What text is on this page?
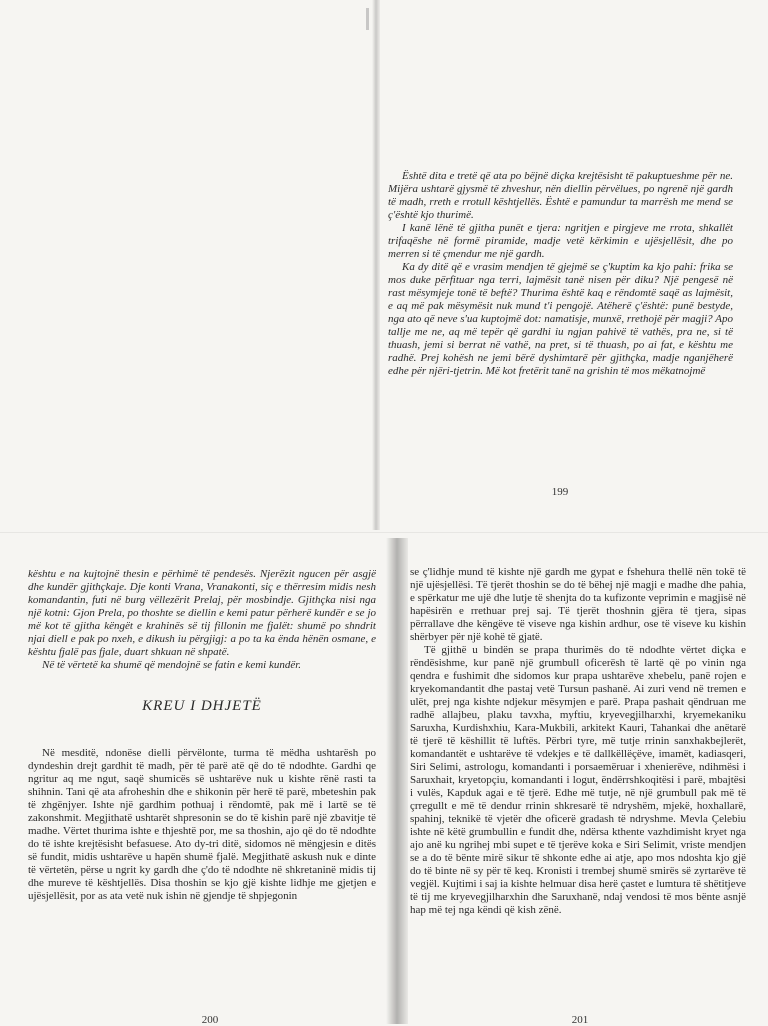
Është dita e tretë që ata po bëjnë diçka krejtësisht të pakuptueshme për ne. Mijëra ushtarë gjysmë të zhveshur, nën diellin përvëlues, po ngrenë një gardh të madh, rreth e rrotull kështjellës. Është e pamundur ta marrësh me mend se ç'është kjo thurimë.

I kanë lënë të gjitha punët e tjera: ngritjen e pirgjeve me rrota, shkallët trifaqëshe në formë piramide, madje vetë kërkimin e ujësjellësit, dhe po merren si të çmendur me një gardh.

Ka dy ditë që e vrasim mendjen të gjejmë se ç'kuptim ka kjo pahi: frika se mos duke përfituar nga terri, lajmësit tanë nisen për diku? Një pengesë në rast mësymjeje tonë të beftë? Thurima është kaq e rëndomtë saqë as lajmësit, e aq më pak mësymësit nuk mund t'i pengojë. Atëherë ç'është: punë bestyde, nga ato që neve s'ua kuptojmë dot: namatisje, munxë, rrethojë për magji? Apo tallje me ne, aq më tepër që gardhi iu ngjan pahivë të vathës, pra ne, si të thuash, jemi si berrat në vathë, na pret, si të thuash, po ai fat, e kështu me radhë. Prej kohësh ne jemi bërë dyshimtarë për gjithçka, madje nganjëherë edhe për njëri-tjetrin. Më kot fretërit tanë na grishin të mos mëkatnojmë

199

kështu e na kujtojnë thesin e përhimë të pendesës. Njerëzit ngucen për asgjë dhe kundër gjithçkaje. Dje konti Vrana, Vranakonti, siç e thërresim midis nesh komandantin, futi në burg vëllezërit Prelaj, për mosbindje. Gjithçka nisi nga një kotni: Gjon Prela, po thoshte se diellin e kemi patur përherë kundër e se jo më kot të gjitha këngët e krahinës së tij fillonin me fjalët: shumë po shndrit njai diell e pak po nxeh, e dikush iu përgjigj: a po ta ka ënda hënën osmane, e kështu fjalë pas fjale, duart shkuan në shpatë.

Në të vërtetë ka shumë që mendojnë se fatin e kemi kundër.

KREU I DHJETË

Në mesditë, ndonëse dielli përvëlonte, turma të mëdha ushtarësh po dyndeshin drejt gardhit të madh, për të parë atë që do të ndodhte. Gardhi qe ngritur aq me ngut, saqë shumicës së ushtarëve nuk u kishte rënë rasti ta shihnin. Tani që ata afroheshin dhe e shikonin për herë të parë, mbeteshin pak të zhgënjyer. Ishte një gardhim pothuaj i rëndomtë, pak më i lartë se të zakonshmit. Megjithatë ushtarët shpresonin se do të kishin parë një zbavitje të madhe. Vërtet thurima ishte e thjeshtë por, me sa thoshin, ajo që do të ndodhte do të ishte krejtësisht befasuese. Ato dy-tri ditë, sidomos në mëngjesin e ditës së fundit, midis ushtarëve u hapën shumë fjalë. Megjithatë askush nuk e dinte të vërtetën, përse u ngrit ky gardh dhe ç'do të ndodhte në shkretaninë midis tij dhe mureve të kështjellës. Disa thoshin se kjo gjë kishte lidhje me gjetjen e ujësjellësit, por as ata vetë nuk ishin në gjendje të shpjegonin

200

se ç'lidhje mund të kishte një gardh me gypat e fshehura thellë nën tokë të një ujësjellësi. Të tjerët thoshin se do të bëhej një magji e madhe dhe pahia, e spërkatur me ujë dhe lutje të shenjta do ta kufizonte veprimin e magjisë në hapësirën e rrethuar prej saj. Të tjerët thoshnin gjëra të tjera, sipas përrallave dhe këngëve të viseve nga kishin ardhur, ose të viseve ku kishin shërbyer për një kohë të gjatë.

Të gjithë u bindën se prapa thurimës do të ndodhte vërtet diçka e rëndësishme, kur panë një grumbull oficerësh të lartë që po vinin nga qendra e fushimit dhe sidomos kur prapa ushtarëve xhebelu, panë rojen e kryekomandantit dhe pastaj vetë Tursun pashanë. Ai zuri vend në tremen e ulët, prej nga kishte ndjekur mësymjen e parë. Prapa pashait qëndruan me radhë allajbeu, plaku tavxha, myftiu, kryevegjilharxhi, kryemekaniku Saruxha, Kurdishxhiu, Kara-Mukbili, arkitekt Kauri, Tahankai dhe anëtarë të tjerë të këshillit të luftës. Përbri tyre, më tutje rrinin sanxhakbejlerët, komandantët e ushtarëve të vdekjes e të dallkëllëçëve, imamët, kadiasqeri, Siri Selimi, astrologu, komandanti i porsaemëruar i xhenierëve, ndihmësi i Saruxhait, kryetopçiu, komandanti i logut, ëndërrshkoqitësi i parë, mbajtësi i vulës, Kapduk agai e të tjerë. Edhe më tutje, në një grumbull pak më të çrregullt e më të dendur rrinin shkresarë të ndryshëm, mjekë, hoxhallarë, spahinj, teknikë të vjetër dhe oficerë gradash të ndryshme. Mevla Çelebiu ishte në këtë grumbullin e fundit dhe, ndërsa kthente vazhdimisht kryet nga ajo anë ku ngrihej mbi supet e të tjerëve koka e Siri Selimit, vriste mendjen se a do të bënte mirë sikur të shkonte edhe ai atje, apo mos ndoshta kjo gjë do të binte në sy për të keq. Kronisti i trembej shumë smirës së zyrtarëve të vegjël. Kujtimi i saj ia kishte helmuar disa herë çastet e lumtura të shëtitjeve të tij me kryevegjilharxhin dhe Saruxhanë, ndaj vendosi të mos bënte asnjë hap më tej nga këndi që kish zënë.

201
